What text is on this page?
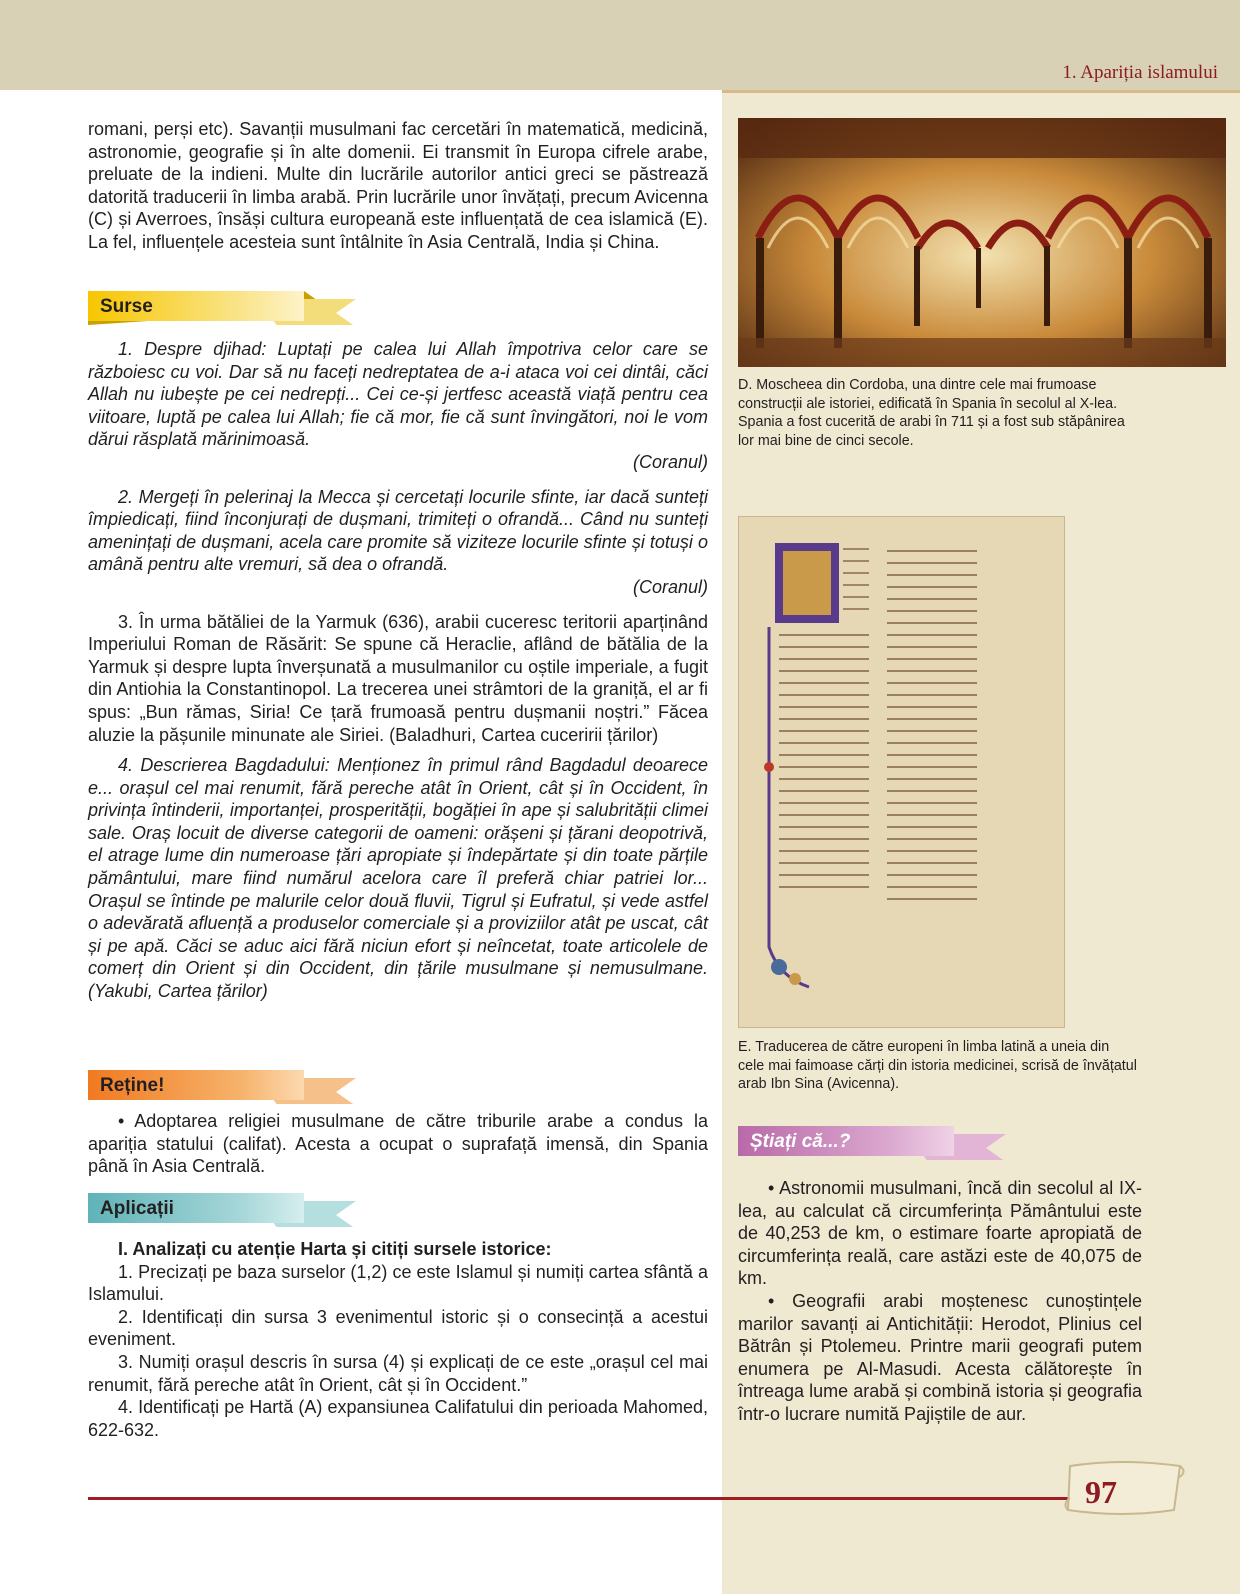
1. Apariția islamului

romani, perși etc). Savanții musulmani fac cercetări în matematică, medicină, astronomie, geografie și în alte domenii. Ei transmit în Europa cifrele arabe, preluate de la indieni. Multe din lucrările autorilor antici greci se păstrează datorită traducerii în limba arabă. Prin lucrările unor învățați, precum Avicenna (C) și Averroes, însăși cultura europeană este influențată de cea islamică (E). La fel, influențele acesteia sunt întâlnite în Asia Centrală, India și China.

Surse

1. Despre djihad: Luptați pe calea lui Allah împotriva celor care se războiesc cu voi. Dar să nu faceți nedreptatea de a-i ataca voi cei dintâi, căci Allah nu iubește pe cei nedrepți... Cei ce-și jertfesc această viață pentru cea viitoare, luptă pe calea lui Allah; fie că mor, fie că sunt învingători, noi le vom dărui răsplată mărinimoasă.

(Coranul)

2. Mergeți în pelerinaj la Mecca și cercetați locurile sfinte, iar dacă sunteți împiedicați, fiind înconjurați de dușmani, trimiteți o ofrandă... Când nu sunteți amenințați de dușmani, acela care promite să viziteze locurile sfinte și totuși o amână pentru alte vremuri, să dea o ofrandă.

(Coranul)

3. În urma bătăliei de la Yarmuk (636), arabii cuceresc teritorii aparținând Imperiului Roman de Răsărit: Se spune că Heraclie, aflând de bătălia de la Yarmuk și despre lupta înverșunată a musulmanilor cu oștile imperiale, a fugit din Antiohia la Constantinopol. La trecerea unei strâmtori de la graniță, el ar fi spus: „Bun rămas, Siria! Ce țară frumoasă pentru dușmanii noștri.” Făcea aluzie la pășunile minunate ale Siriei. (Baladhuri, Cartea cuceririi țărilor)

4. Descrierea Bagdadului: Menționez în primul rând Bagdadul deoarece e... orașul cel mai renumit, fără pereche atât în Orient, cât și în Occident, în privința întinderii, importanței, prosperității, bogăției în ape și salubrității climei sale. Oraș locuit de diverse categorii de oameni: orășeni și țărani deopotrivă, el atrage lume din numeroase țări apropiate și îndepărtate și din toate părțile pământului, mare fiind numărul acelora care îl preferă chiar patriei lor... Orașul se întinde pe malurile celor două fluvii, Tigrul și Eufratul, și vede astfel o adevărată afluență a produselor comerciale și a proviziilor atât pe uscat, cât și pe apă. Căci se aduc aici fără niciun efort și neîncetat, toate articolele de comerț din Orient și din Occident, din țările musulmane și nemusulmane. (Yakubi, Cartea țărilor)

Reține!

• Adoptarea religiei musulmane de către triburile arabe a condus la apariția statului (califat). Acesta a ocupat o suprafață imensă, din Spania până în Asia Centrală.

Aplicații

I. Analizați cu atenție Harta și citiți sursele istorice:

1. Precizați pe baza surselor (1,2) ce este Islamul și numiți cartea sfântă a Islamului.

2. Identificați din sursa 3 evenimentul istoric și o consecință a acestui eveniment.

3. Numiți orașul descris în sursa (4) și explicați de ce este „orașul cel mai renumit, fără pereche atât în Orient, cât și în Occident.”

4. Identificați pe Hartă (A) expansiunea Califatului din perioada Mahomed, 622-632.

D. Moscheea din Cordoba, una dintre cele mai frumoase construcții ale istoriei, edificată în Spania în secolul al X-lea. Spania a fost cucerită de arabi în 711 și a fost sub stăpânirea lor mai bine de cinci secole.
E. Traducerea de către europeni în limba latină a uneia din cele mai faimoase cărți din istoria medicinei, scrisă de învățatul arab Ibn Sina (Avicenna).
Știați că...?

• Astronomii musulmani, încă din secolul al IX-lea, au calculat că circumferința Pământului este de 40,253 de km, o estimare foarte apropiată de circumferința reală, care astăzi este de 40,075 de km.

• Geografii arabi moștenesc cunoștințele marilor savanți ai Antichității: Herodot, Plinius cel Bătrân și Ptolemeu. Printre marii geografi putem enumera pe Al-Masudi. Acesta călătorește în întreaga lume arabă și combină istoria și geografia într-o lucrare numită Pajiștile de aur.

97
